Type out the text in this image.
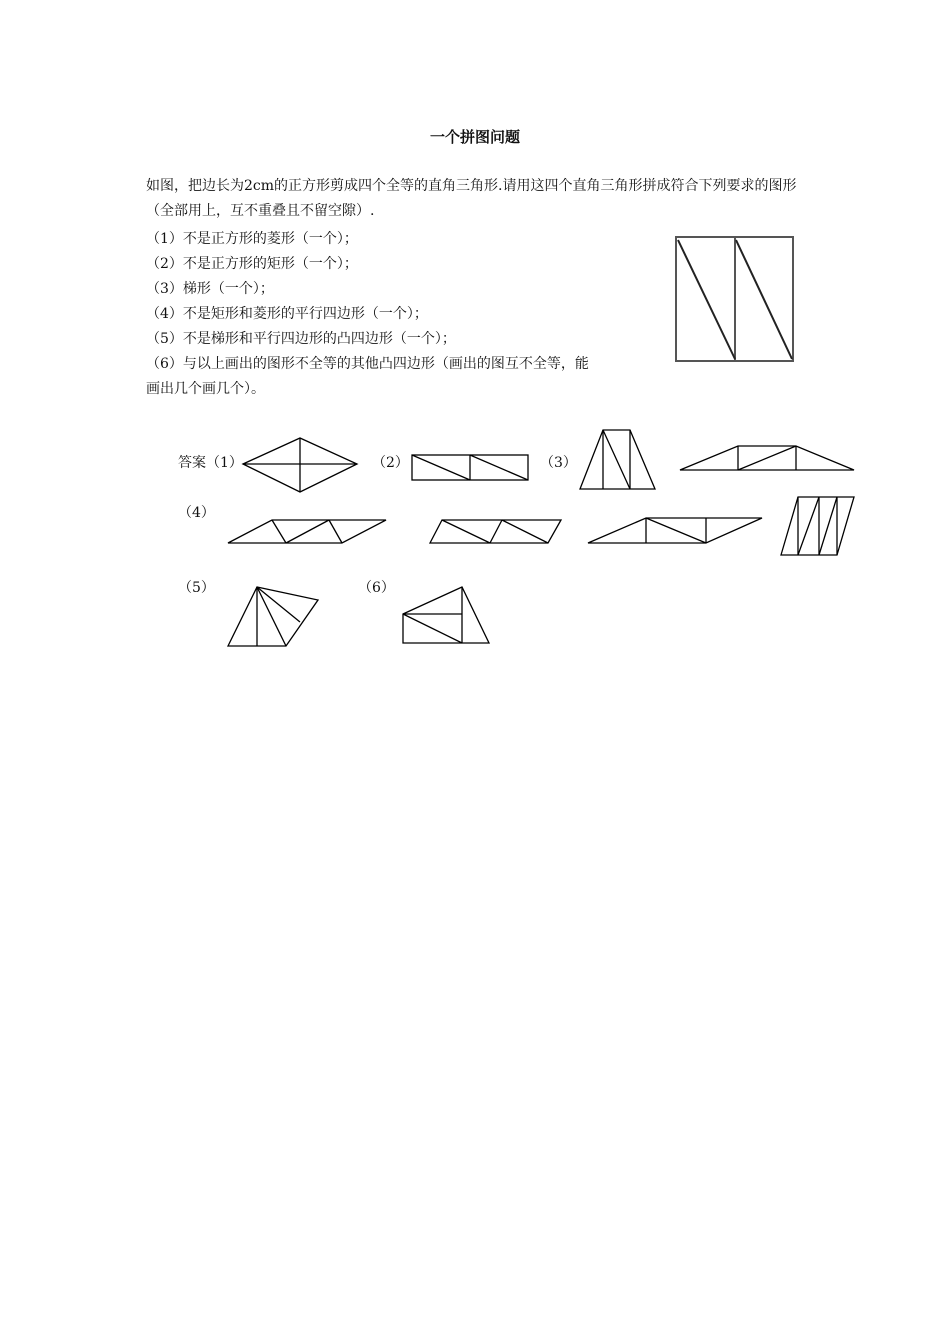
一个拼图问题

如图，把边长为2cm的正方形剪成四个全等的直角三角形.请用这四个直角三角形拼成符合下列要求的图形（全部用上，互不重叠且不留空隙）.

（1）不是正方形的菱形（一个）；
（2）不是正方形的矩形（一个）；
（3）梯形（一个）；
（4）不是矩形和菱形的平行四边形（一个）；
（5）不是梯形和平行四边形的凸四边形（一个）；
（6）与以上画出的图形不全等的其他凸四边形（画出的图互不全等，能
画出几个画几个）。
答案（1）	（2）	（3）
（4）
（5）	（6）
